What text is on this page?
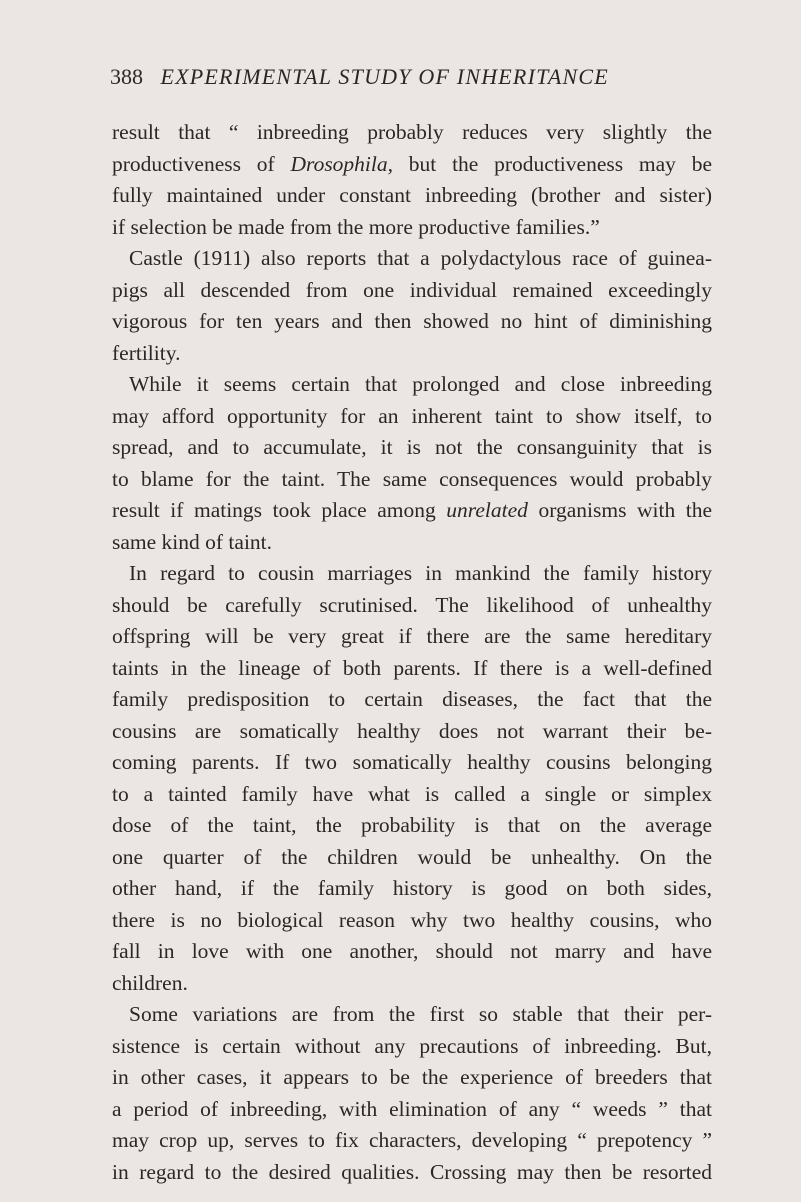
388 EXPERIMENTAL STUDY OF INHERITANCE
result that “ inbreeding probably reduces very slightly the
productiveness of Drosophila, but the productiveness may be
fully maintained under constant inbreeding (brother and sister)
if selection be made from the more productive families.”
Castle (1911) also reports that a polydactylous race of guinea-
pigs all descended from one individual remained exceedingly
vigorous for ten years and then showed no hint of diminishing
fertility.
While it seems certain that prolonged and close inbreeding
may afford opportunity for an inherent taint to show itself, to
spread, and to accumulate, it is not the consanguinity that is
to blame for the taint. The same consequences would probably
result if matings took place among unrelated organisms with the
same kind of taint.
In regard to cousin marriages in mankind the family history
should be carefully scrutinised. The likelihood of unhealthy
offspring will be very great if there are the same hereditary
taints in the lineage of both parents. If there is a well-defined
family predisposition to certain diseases, the fact that the
cousins are somatically healthy does not warrant their be-
coming parents. If two somatically healthy cousins belonging
to a tainted family have what is called a single or simplex
dose of the taint, the probability is that on the average
one quarter of the children would be unhealthy. On the
other hand, if the family history is good on both sides,
there is no biological reason why two healthy cousins, who
fall in love with one another, should not marry and have
children.
Some variations are from the first so stable that their per-
sistence is certain without any precautions of inbreeding. But,
in other cases, it appears to be the experience of breeders that
a period of inbreeding, with elimination of any “ weeds ” that
may crop up, serves to fix characters, developing “ prepotency ”
in regard to the desired qualities. Crossing may then be resorted
